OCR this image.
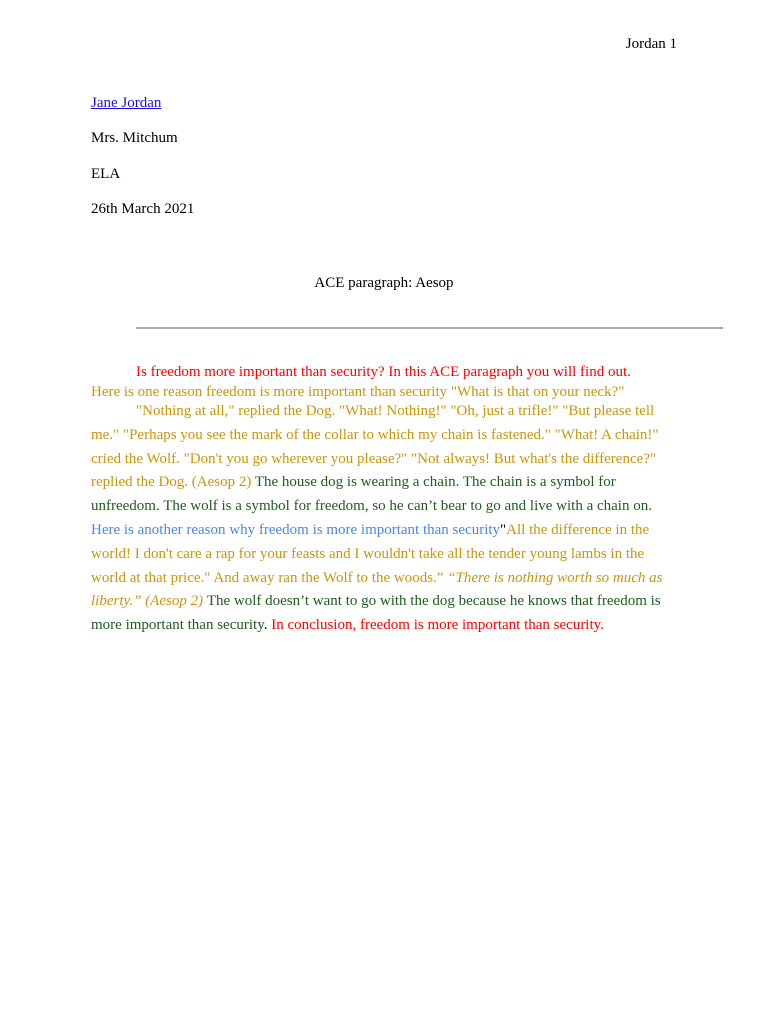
Jordan 1
Jane Jordan
Mrs. Mitchum
ELA
26th March 2021
ACE paragraph: Aesop
Is freedom more important than security? In this ACE paragraph you will find out.
Here is one reason freedom is more important than security "What is that on your neck?"
"Nothing at all," replied the Dog. "What! Nothing!" "Oh, just a trifle!" "But please tell me." "Perhaps you see the mark of the collar to which my chain is fastened." "What! A chain!" cried the Wolf. "Don't you go wherever you please?" "Not always! But what's the difference?" replied the Dog. (Aesop 2) The house dog is wearing a chain. The chain is a symbol for unfreedom. The wolf is a symbol for freedom, so he can’t bear to go and live with a chain on. Here is another reason why freedom is more important than security"All the difference in the world! I don't care a rap for your feasts and I wouldn't take all the tender young lambs in the world at that price." And away ran the Wolf to the woods.” “There is nothing worth so much as liberty.” (Aesop 2) The wolf doesn’t want to go with the dog because he knows that freedom is more important than security. In conclusion, freedom is more important than security.
